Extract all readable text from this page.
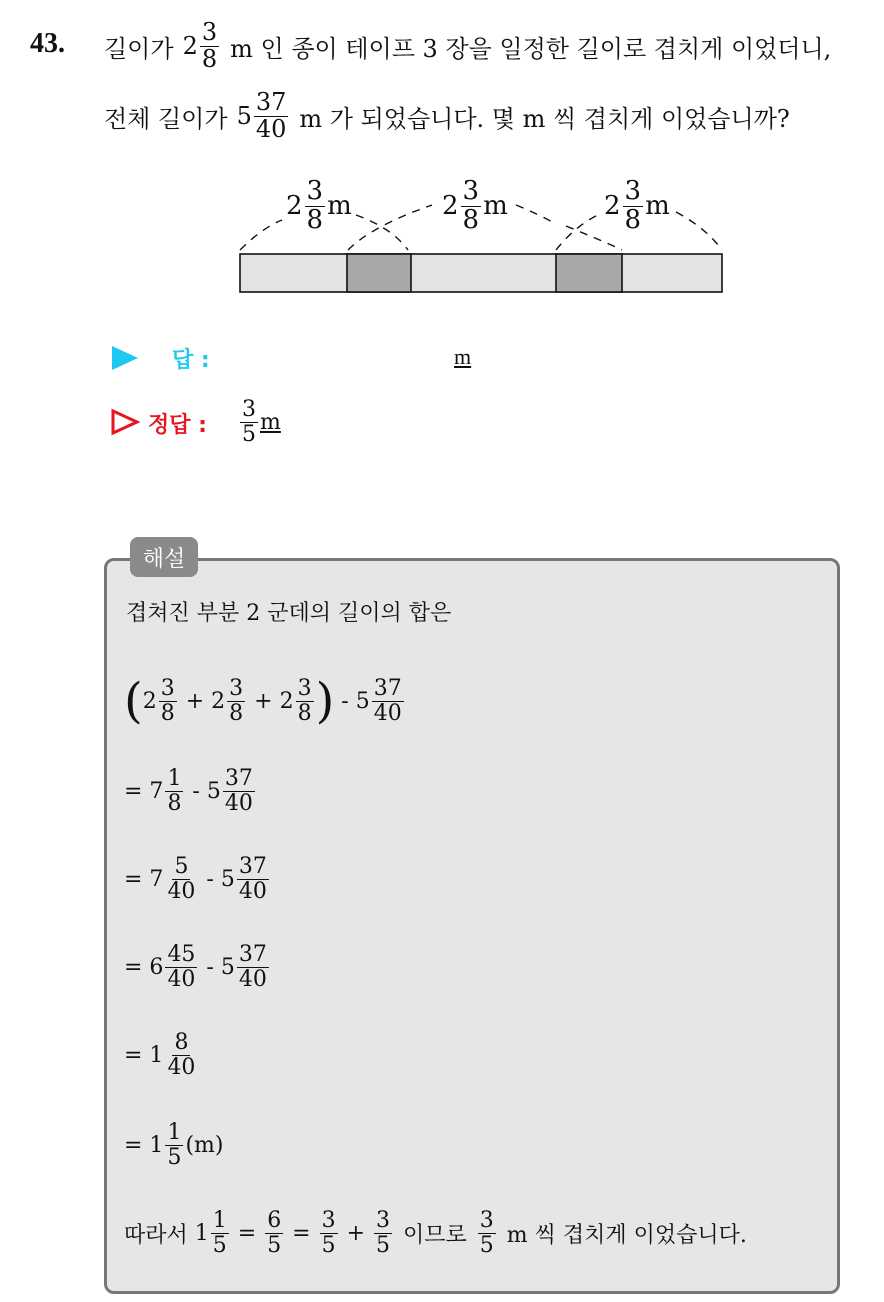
43. 길이가 $2 \frac{3}{8}$ m 인 종이 테이프 3 장을 일정한 길이로 겹치게 이었더니,
전체 길이가 $5 \frac{37}{40}$ m 가 되었습니다. 몇 m 씩 겹치게 이었습니까?
$2 \frac{3}{8}$ m	$2 \frac{3}{8}$ m	$2 \frac{3}{8}$ m
답 :	m
정답 : $\frac{3}{5}$ m
해설
겹쳐진 부분 2 군데의 길이의 합은
( $2 \frac{3}{8} + 2 \frac{3}{8} + 2 \frac{3}{8}$ ) - $5 \frac{37}{40}$
= $7 \frac{1}{8} - 5 \frac{37}{40}$
= $7 \frac{5}{40} - 5 \frac{37}{40}$
= $6 \frac{45}{40} - 5 \frac{37}{40}$
= $1 \frac{8}{40}$
= $1 \frac{1}{5} (m)$
따라서 $1 \frac{1}{5} = \frac{6}{5} = \frac{3}{5} + \frac{3}{5}$ 이므로 $\frac{3}{5}$ m 씩 겹치게 이었습니다.
